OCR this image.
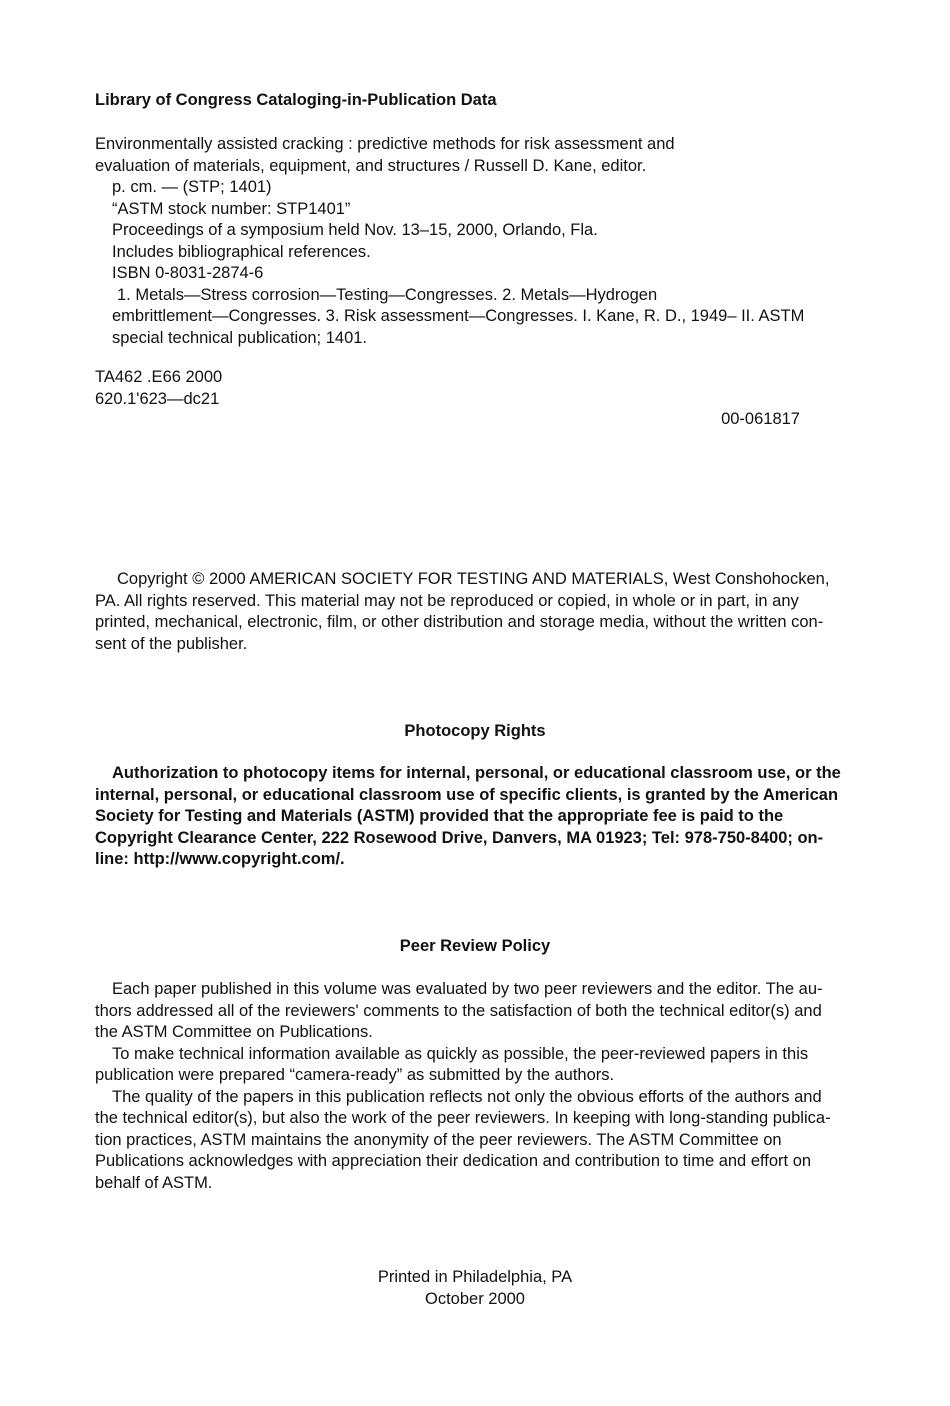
Library of Congress Cataloging-in-Publication Data
Environmentally assisted cracking : predictive methods for risk assessment and
evaluation of materials, equipment, and structures / Russell D. Kane, editor.
p. cm. — (STP; 1401)
“ASTM stock number: STP1401”
Proceedings of a symposium held Nov. 13–15, 2000, Orlando, Fla.
Includes bibliographical references.
ISBN 0-8031-2874-6
1. Metals—Stress corrosion—Testing—Congresses. 2. Metals—Hydrogen
embrittlement—Congresses. 3. Risk assessment—Congresses. I. Kane, R. D., 1949– II. ASTM
special technical publication; 1401.
TA462 .E66 2000
620.1'623—dc21
00-061817
Copyright © 2000 AMERICAN SOCIETY FOR TESTING AND MATERIALS, West Conshohocken,
PA. All rights reserved. This material may not be reproduced or copied, in whole or in part, in any
printed, mechanical, electronic, film, or other distribution and storage media, without the written con-
sent of the publisher.
Photocopy Rights
Authorization to photocopy items for internal, personal, or educational classroom use, or the
internal, personal, or educational classroom use of specific clients, is granted by the American
Society for Testing and Materials (ASTM) provided that the appropriate fee is paid to the
Copyright Clearance Center, 222 Rosewood Drive, Danvers, MA 01923; Tel: 978-750-8400; on-
line: http://www.copyright.com/.
Peer Review Policy
Each paper published in this volume was evaluated by two peer reviewers and the editor. The au-
thors addressed all of the reviewers' comments to the satisfaction of both the technical editor(s) and
the ASTM Committee on Publications.
To make technical information available as quickly as possible, the peer-reviewed papers in this
publication were prepared “camera-ready” as submitted by the authors.
The quality of the papers in this publication reflects not only the obvious efforts of the authors and
the technical editor(s), but also the work of the peer reviewers. In keeping with long-standing publica-
tion practices, ASTM maintains the anonymity of the peer reviewers. The ASTM Committee on
Publications acknowledges with appreciation their dedication and contribution to time and effort on
behalf of ASTM.
Printed in Philadelphia, PA
October 2000
